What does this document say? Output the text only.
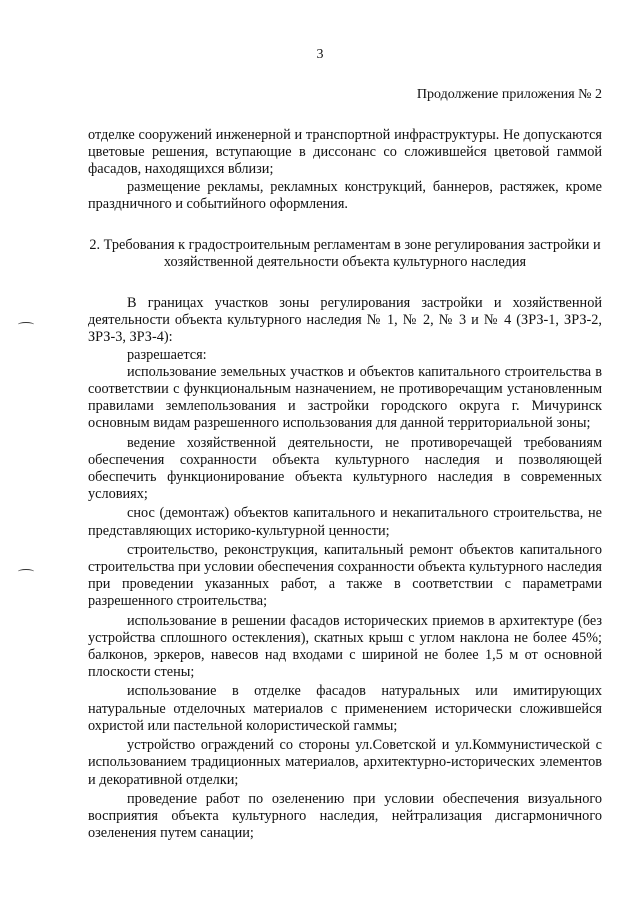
3
Продолжение приложения № 2

отделке сооружений инженерной и транспортной инфраструктуры. Не допускаются цветовые решения, вступающие в диссонанс со сложившейся цветовой гаммой фасадов, находящихся вблизи;

размещение рекламы, рекламных конструкций, баннеров, растяжек, кроме праздничного и событийного оформления.

2. Требования к градостроительным регламентам в зоне регулирования застройки и хозяйственной деятельности объекта культурного наследия

В границах участков зоны регулирования застройки и хозяйственной деятельности объекта культурного наследия № 1, № 2, № 3 и № 4 (ЗРЗ-1, ЗРЗ-2, ЗРЗ-3, ЗРЗ-4):

разрешается:

использование земельных участков и объектов капитального строительства в соответствии с функциональным назначением, не противоречащим установленным правилами землепользования и застройки городского округа г. Мичуринск основным видам разрешенного использования для данной территориальной зоны;

ведение хозяйственной деятельности, не противоречащей требованиям обеспечения сохранности объекта культурного наследия и позволяющей обеспечить функционирование объекта культурного наследия в современных условиях;

снос (демонтаж) объектов капитального и некапитального строительства, не представляющих историко-культурной ценности;

строительство, реконструкция, капитальный ремонт объектов капитального строительства при условии обеспечения сохранности объекта культурного наследия при проведении указанных работ, а также в соответствии с параметрами разрешенного строительства;

использование в решении фасадов исторических приемов в архитектуре (без устройства сплошного остекления), скатных крыш с углом наклона не более 45%; балконов, эркеров, навесов над входами с шириной не более 1,5 м от основной плоскости стены;

использование в отделке фасадов натуральных или имитирующих натуральные отделочных материалов с применением исторически сложившейся охристой или пастельной колористической гаммы;

устройство ограждений со стороны ул.Советской и ул.Коммунистической с использованием традиционных материалов, архитектурно-исторических элементов и декоративной отделки;

проведение работ по озеленению при условии обеспечения визуального восприятия объекта культурного наследия, нейтрализация дисгармоничного озеленения путем санации;
